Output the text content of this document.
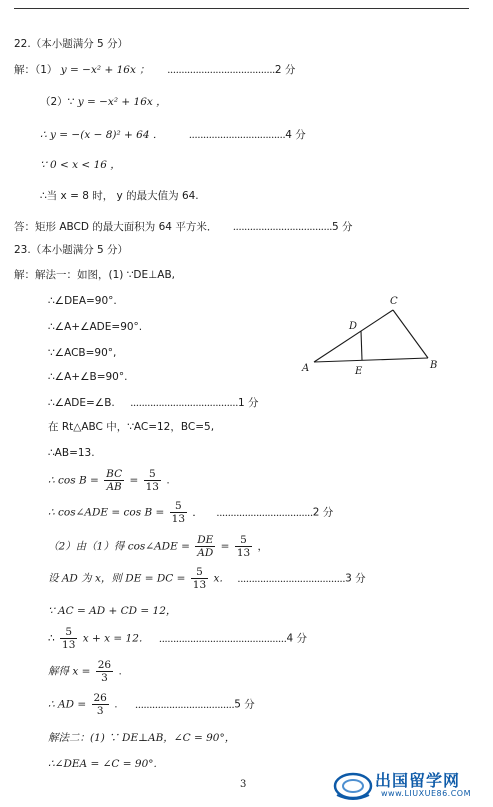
22.（本小题满分 5 分）
解：（1） y = −x² + 16x ； ......................................2 分
（2）∵ y = −x² + 16x ，
∴ y = −(x − 8)² + 64 ． ..................................4 分
∵ 0 < x < 16 ，
∴当 x = 8 时， y 的最大值为 64.
答：矩形 ABCD 的最大面积为 64 平方米． ...................................5 分
23.（本小题满分 5 分）
解：解法一：如图，(1) ∵DE⊥AB,
∴∠DEA=90°.
∴∠A+∠ADE=90°.
∵∠ACB=90°,
∴∠A+∠B=90°.
∴∠ADE=∠B. ......................................1 分
在 Rt△ABC 中，∵AC=12，BC=5,
∴AB=13.
∴ $\cos B = \frac{BC}{AB} = \frac{5}{13}$ .
∴ cos∠ADE = $\cos B = \frac{5}{13}$ ． ..................................2 分
（2）由（1）得 cos∠ADE = $\frac{DE}{AD} = \frac{5}{13}$ ，
设 AD 为 x，则 DE = DC = $\frac{5}{13}$ x． ......................................3 分
∵ AC = AD + CD = 12，
∴ $\frac{5}{13}$ x + x = 12． .............................................4 分
解得 $x = \frac{26}{3}$ .
∴ AD = $\frac{26}{3}$ . ...................................5 分
解法二：(1) ∵ DE⊥AB，∠C = 90°，
∴∠DEA = ∠C = 90°.
A	B
C
D
E
3	出国留学网
www.LIUXUE86.COM
